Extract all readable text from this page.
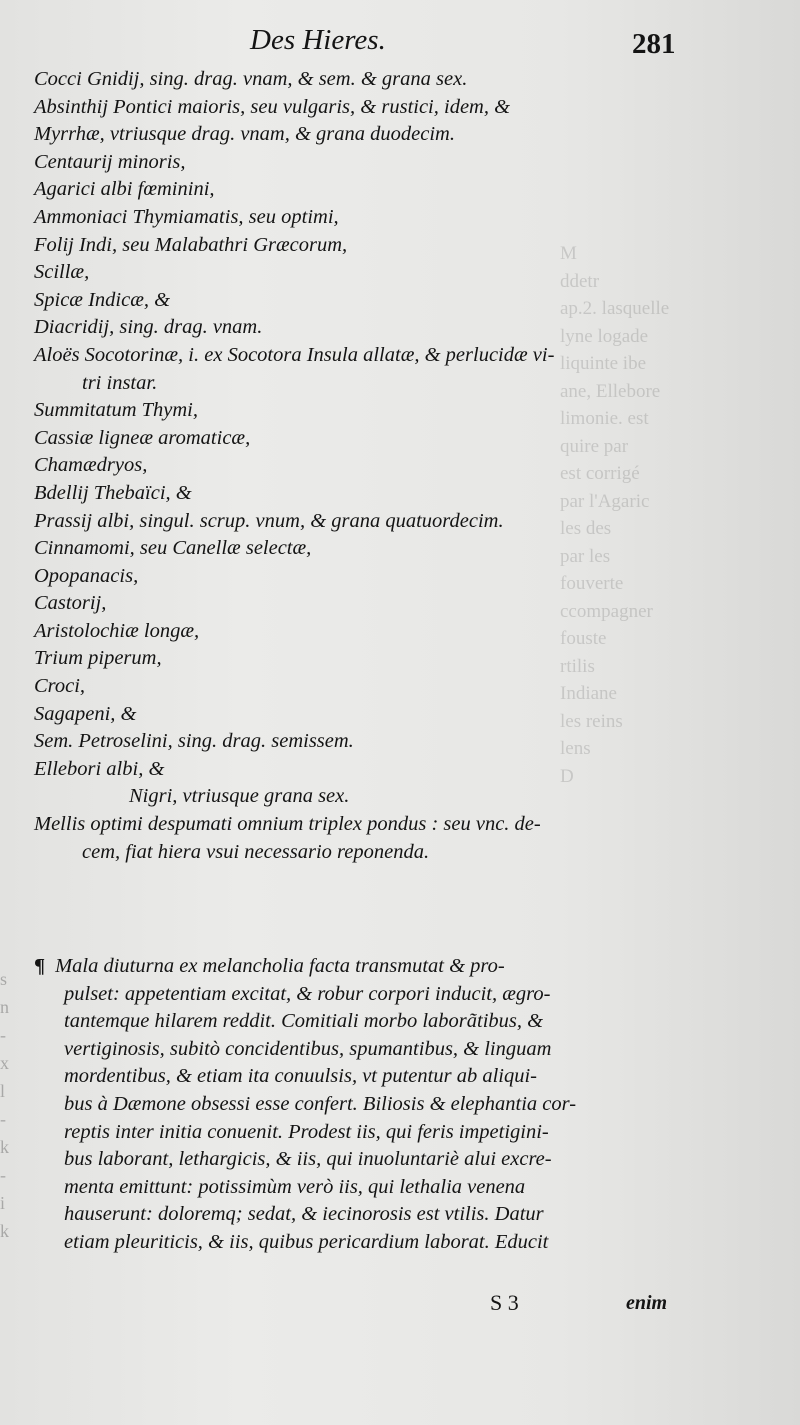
M
ddetr
ap.2. lasquelle
lyne logade
liquinte ibe
ane, Ellebore
limonie. est
quire par
est corrigé
par l'Agaric
les des
par les
fouverte
ccompagner
fouste
rtilis
Indiane
les reins
lens
D
s
n
-
x
l
-
k
-
i
k
Des Hieres.	281
Cocci Gnidij, sing. drag. vnam, & sem. & grana sex.
Absinthij Pontici maioris, seu vulgaris, & rustici, idem, &
Myrrhæ, vtriusque drag. vnam, & grana duodecim.
Centaurij minoris,
Agarici albi fœminini,
Ammoniaci Thymiamatis, seu optimi,
Folij Indi, seu Malabathri Græcorum,
Scillæ,
Spicæ Indicæ, &
Diacridij, sing. drag. vnam.
Aloës Socotorinæ, i. ex Socotora Insula allatæ, & perlucidæ vi-
tri instar.
Summitatum Thymi,
Cassiæ ligneæ aromaticæ,
Chamædryos,
Bdellij Thebaïci, &
Prassij albi, singul. scrup. vnum, & grana quatuordecim.
Cinnamomi, seu Canellæ selectæ,
Opopanacis,
Castorij,
Aristolochiæ longæ,
Trium piperum,
Croci,
Sagapeni, &
Sem. Petroselini, sing. drag. semissem.
Ellebori albi, &
Nigri, vtriusque grana sex.
Mellis optimi despumati omnium triplex pondus : seu vnc. de-
cem, fiat hiera vsui necessario reponenda.
¶ Mala diuturna ex melancholia facta transmutat & pro-
pulset: appetentiam excitat, & robur corpori inducit, ægro-
tantemque hilarem reddit. Comitiali morbo laborãtibus, &
vertiginosis, subitò concidentibus, spumantibus, & linguam
mordentibus, & etiam ita conuulsis, vt putentur ab aliqui-
bus à Dæmone obsessi esse confert. Biliosis & elephantia cor-
reptis inter initia conuenit. Prodest iis, qui feris impetigini-
bus laborant, lethargicis, & iis, qui inuoluntariè alui excre-
menta emittunt: potissimùm verò iis, qui lethalia venena
hauserunt: doloremq; sedat, & iecinorosis est vtilis. Datur
etiam pleuriticis, & iis, quibus pericardium laborat. Educit
S 3	enim
